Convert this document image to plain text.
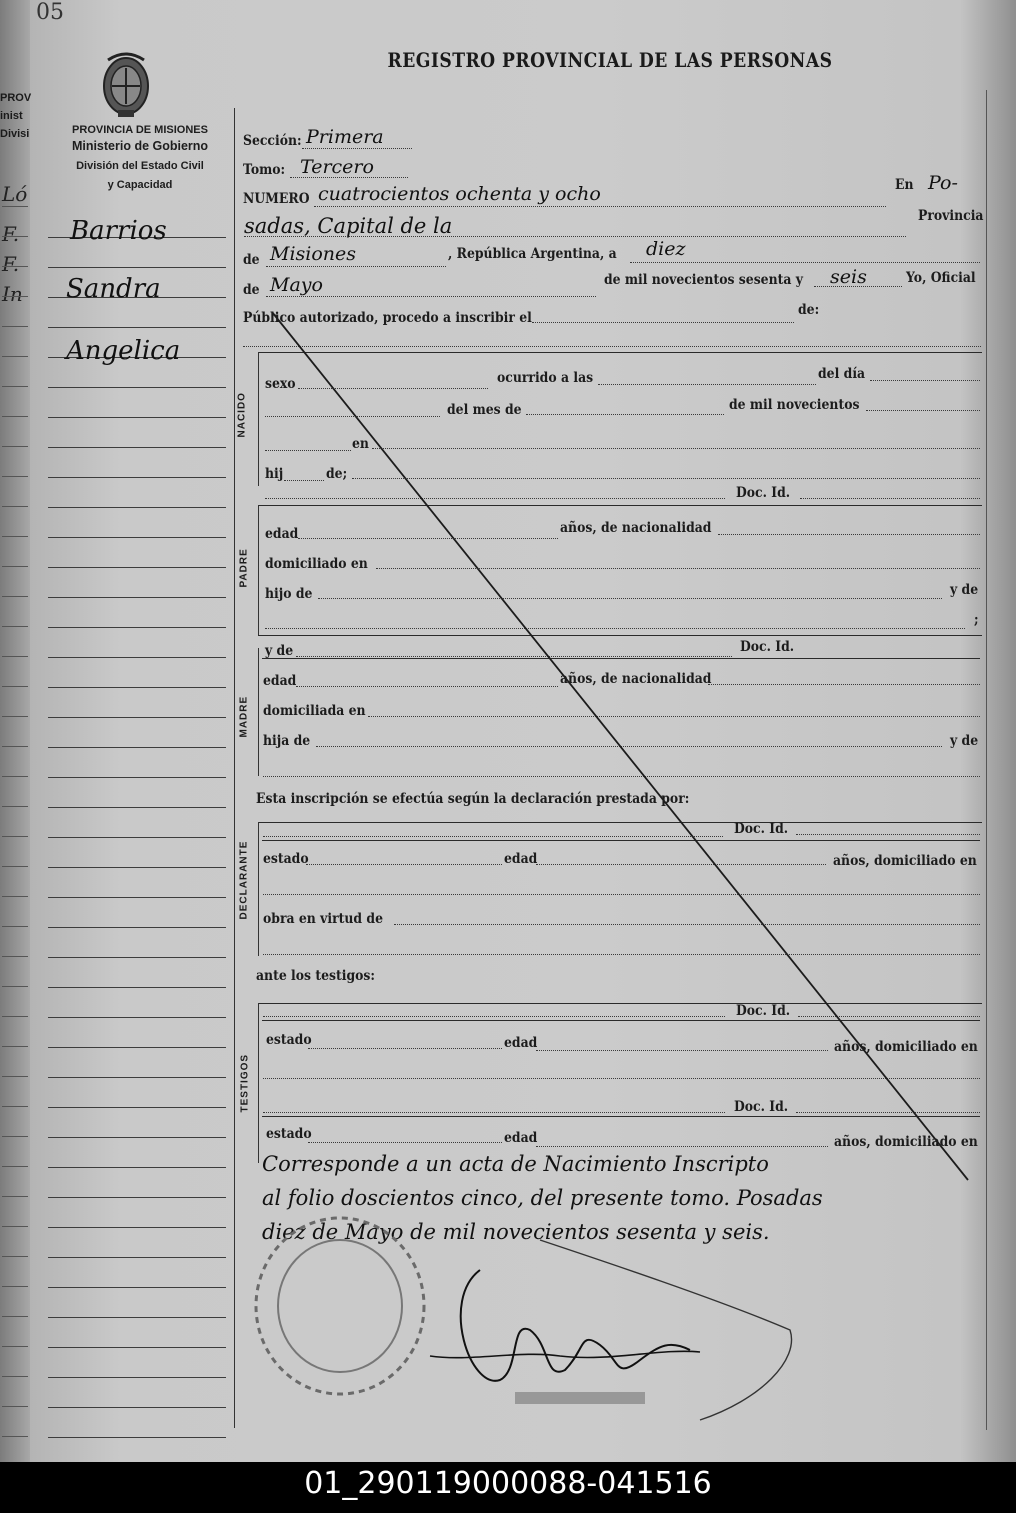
PROV
inist
Divisi
Ló
F.
F.
In
05
PROVINCIA DE MISIONES
Ministerio de Gobierno
División del Estado Civil
y Capacidad
REGISTRO PROVINCIAL DE LAS PERSONAS
Barrios
Sandra
Angelica
Sección: Primera
Tomo: Tercero
NUMERO cuatrocientos ochenta y ocho	En Po-
sadas, Capital de la	Provincia
de Misiones	, República Argentina, a diez
de Mayo	de mil novecientos sesenta y seis	Yo, Oficial
Público autorizado, procedo a inscribir el	de:
NACIDO
sexo	ocurrido a las	del día
del mes de	de mil novecientos
en
hij	de;
Doc. Id.
PADRE
edad	años, de nacionalidad
domiciliado en
hijo de	y de
;
MADRE
y de	Doc. Id.
edad	años, de nacionalidad
domiciliada en
hija de	y de
Esta inscripción se efectúa según la declaración prestada por:
DECLARANTE
Doc. Id.
estado	edad	años, domiciliado en
obra en virtud de
ante los testigos:
TESTIGOS
Doc. Id.
estado	edad	años, domiciliado en
Doc. Id.
estado	edad	años, domiciliado en
Corresponde a un acta de Nacimiento Inscripto
al folio doscientos cinco, del presente tomo. Posadas
diez de Mayo de mil novecientos sesenta y seis.
01_290119000088-041516
